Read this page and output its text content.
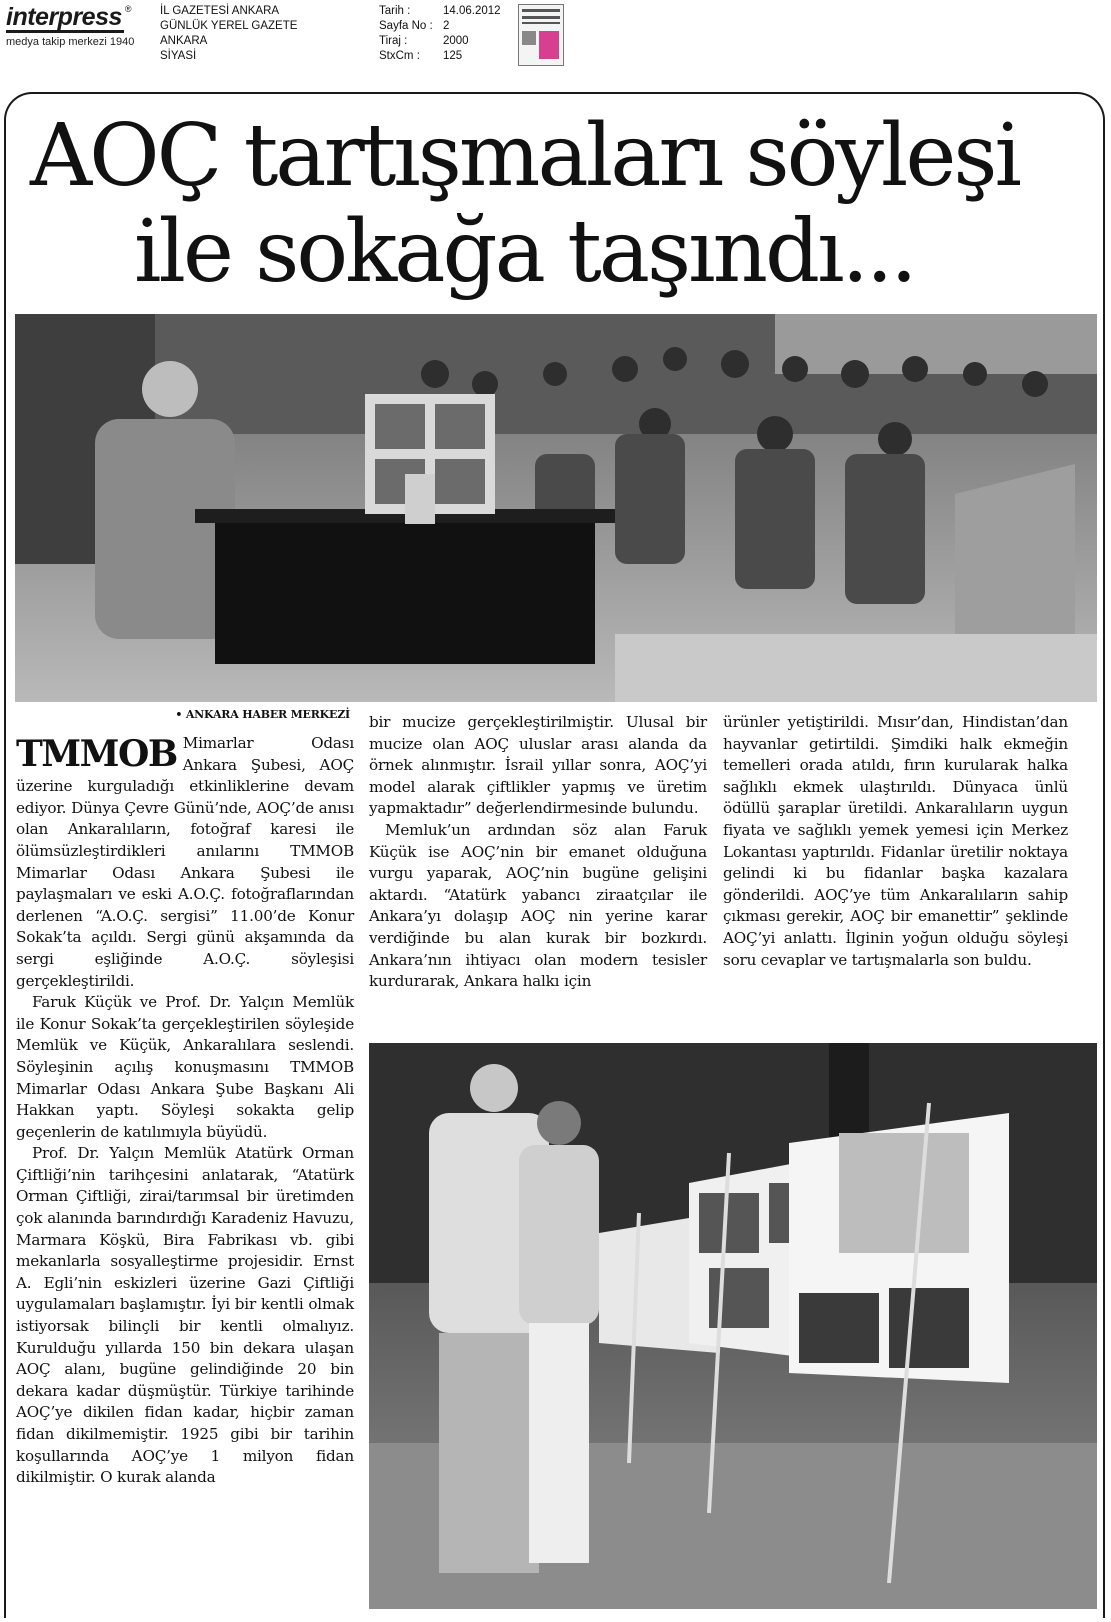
interpress ®
medya takip merkezi 1940
İL GAZETESİ ANKARA
GÜNLÜK YEREL GAZETE
ANKARA
SİYASİ
Tarih :	14.06.2012
Sayfa No : 2
Tiraj :	2000
StxCm :	125
AOÇ tartışmaları söyleşi
ile sokağa taşındı...
• ANKARA HABER MERKEZİ

TMMOB Mimarlar Odası Ankara Şubesi, AOÇ üzerine kurguladığı etkinliklerine devam ediyor. Dünya Çevre Günü’nde, AOÇ’de anısı olan Ankaralıların, fotoğraf karesi ile ölümsüzleştirdikleri anılarını TMMOB Mimarlar Odası Ankara Şubesi ile paylaşmaları ve eski A.O.Ç. fotoğraflarından derlenen “A.O.Ç. sergisi” 11.00’de Konur Sokak’ta açıldı. Sergi günü akşamında da sergi eşliğinde A.O.Ç. söyleşisi gerçekleştirildi.

Faruk Küçük ve Prof. Dr. Yalçın Memlük ile Konur Sokak’ta gerçekleştirilen söyleşide Memlük ve Küçük, Ankaralılara seslendi. Söyleşinin açılış konuşmasını TMMOB Mimarlar Odası Ankara Şube Başkanı Ali Hakkan yaptı. Söyleşi sokakta gelip geçenlerin de katılımıyla büyüdü.

Prof. Dr. Yalçın Memlük Atatürk Orman Çiftliği’nin tarihçesini anlatarak, “Atatürk Orman Çiftliği, zirai/tarımsal bir üretimden çok alanında barındırdığı Karadeniz Havuzu, Marmara Köşkü, Bira Fabrikası vb. gibi mekanlarla sosyalleştirme projesidir. Ernst A. Egli’nin eskizleri üzerine Gazi Çiftliği uygulamaları başlamıştır. İyi bir kentli olmak istiyorsak bilinçli bir kentli olmalıyız. Kurulduğu yıllarda 150 bin dekara ulaşan AOÇ alanı, bugüne gelindiğinde 20 bin dekara kadar düşmüştür. Türkiye tarihinde AOÇ’ye dikilen fidan kadar, hiçbir zaman fidan dikilmemiştir. 1925 gibi bir tarihin koşullarında AOÇ’ye 1 milyon fidan dikilmiştir. O kurak alanda

bir mucize gerçekleştirilmiştir. Ulusal bir mucize olan AOÇ uluslar arası alanda da örnek alınmıştır. İsrail yıllar sonra, AOÇ’yi model alarak çiftlikler yapmış ve üretim yapmaktadır” değerlendirmesinde bulundu.

Memluk’un ardından söz alan Faruk Küçük ise AOÇ’nin bir emanet olduğuna vurgu yaparak, AOÇ’nin bugüne gelişini aktardı. “Atatürk yabancı ziraatçılar ile Ankara’yı dolaşıp AOÇ nin yerine karar verdiğinde bu alan kurak bir bozkırdı. Ankara’nın ihtiyacı olan modern tesisler kurdurarak, Ankara halkı için

ürünler yetiştirildi. Mısır’dan, Hindistan’dan hayvanlar getirtildi. Şimdiki halk ekmeğin temelleri orada atıldı, fırın kurularak halka sağlıklı ekmek ulaştırıldı. Dünyaca ünlü ödüllü şaraplar üretildi. Ankaralıların uygun fiyata ve sağlıklı yemek yemesi için Merkez Lokantası yaptırıldı. Fidanlar üretilir noktaya gelindi ki bu fidanlar başka kazalara gönderildi. AOÇ’ye tüm Ankaralıların sahip çıkması gerekir, AOÇ bir emanettir” şeklinde AOÇ’yi anlattı. İlginin yoğun olduğu söyleşi soru cevaplar ve tartışmalarla son buldu.
